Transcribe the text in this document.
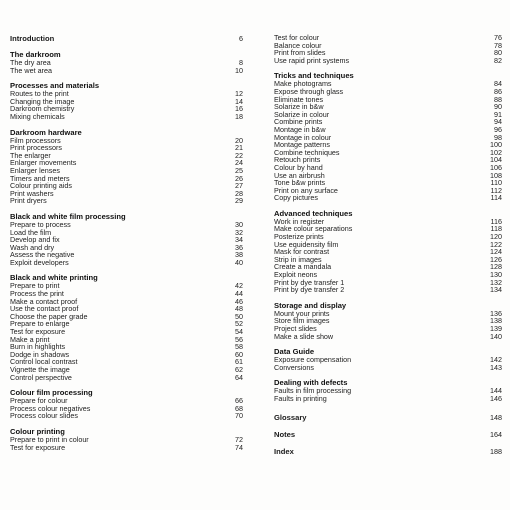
Introduction	6
The darkroom
The dry area	8
The wet area	10
Processes and materials
Routes to the print	12
Changing the image	14
Darkroom chemistry	16
Mixing chemicals	18
Darkroom hardware
Film processors	20
Print processors	21
The enlarger	22
Enlarger movements	24
Enlarger lenses	25
Timers and meters	26
Colour printing aids	27
Print washers	28
Print dryers	29
Black and white film processing
Prepare to process	30
Load the film	32
Develop and fix	34
Wash and dry	36
Assess the negative	38
Exploit developers	40
Black and white printing
Prepare to print	42
Process the print	44
Make a contact proof	46
Use the contact proof	48
Choose the paper grade	50
Prepare to enlarge	52
Test for exposure	54
Make a print	56
Burn in highlights	58
Dodge in shadows	60
Control local contrast	61
Vignette the image	62
Control perspective	64
Colour film processing
Prepare for colour	66
Process colour negatives	68
Process colour slides	70
Colour printing
Prepare to print in colour	72
Test for exposure	74
Test for colour	76
Balance colour	78
Print from slides	80
Use rapid print systems	82
Tricks and techniques
Make photograms	84
Expose through glass	86
Eliminate tones	88
Solarize in b&w	90
Solarize in colour	91
Combine prints	94
Montage in b&w	96
Montage in colour	98
Montage patterns	100
Combine techniques	102
Retouch prints	104
Colour by hand	106
Use an airbrush	108
Tone b&w prints	110
Print on any surface	112
Copy pictures	114
Advanced techniques
Work in register	116
Make colour separations	118
Posterize prints	120
Use equidensity film	122
Mask for contrast	124
Strip in images	126
Create a mandala	128
Exploit neons	130
Print by dye transfer 1	132
Print by dye transfer 2	134
Storage and display
Mount your prints	136
Store film images	138
Project slides	139
Make a slide show	140
Data Guide
Exposure compensation	142
Conversions	143
Dealing with defects
Faults in film processing	144
Faults in printing	146
Glossary	148
Notes	164
Index	188
